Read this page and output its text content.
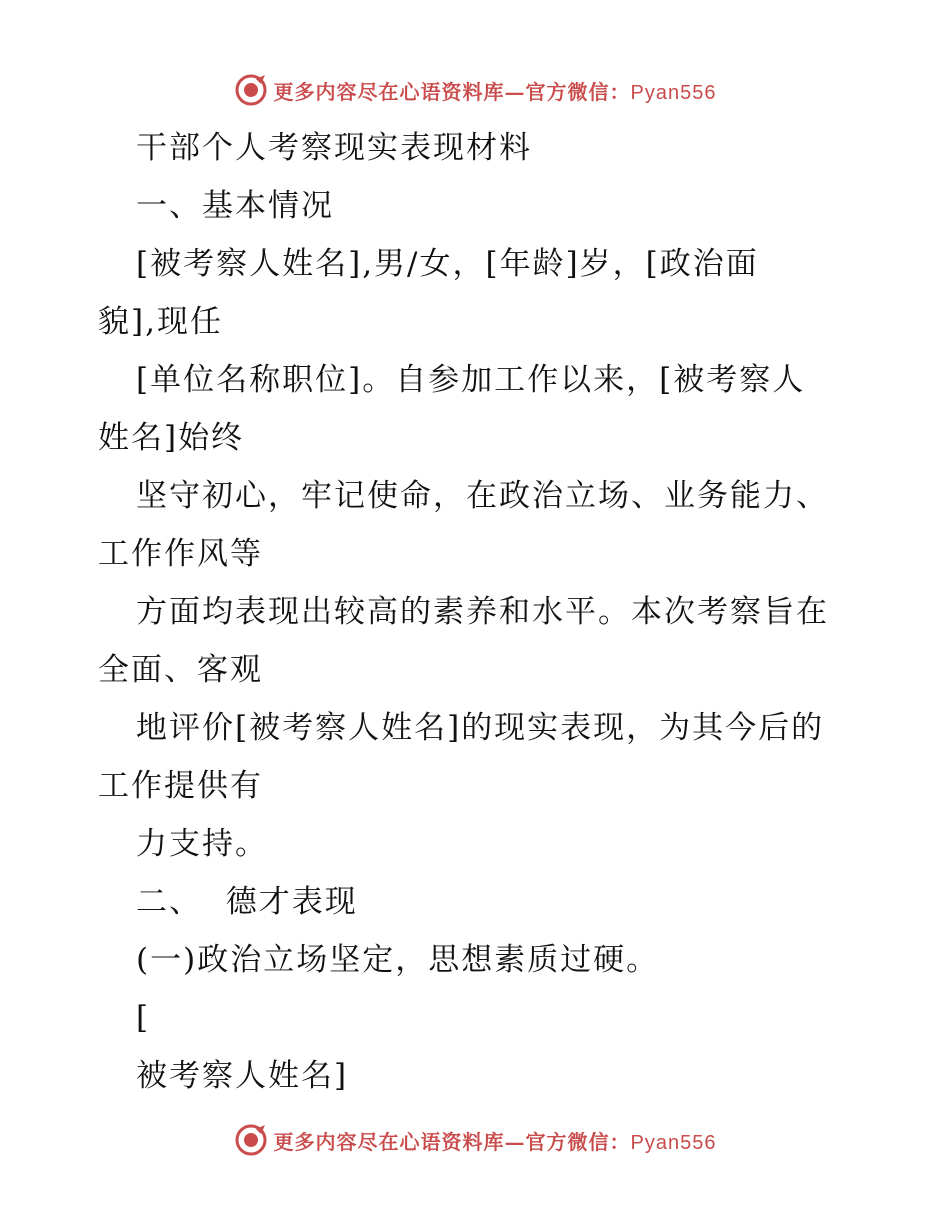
更多内容尽在心语资料库—官方微信：Pyan556
干部个人考察现实表现材料
一、基本情况
[被考察人姓名],男/女，[年龄]岁，[政治面
貌],现任
[单位名称职位]。自参加工作以来，[被考察人
姓名]始终
坚守初心，牢记使命，在政治立场、业务能力、
工作作风等
方面均表现出较高的素养和水平。本次考察旨在
全面、客观
地评价[被考察人姓名]的现实表现，为其今后的
工作提供有
力支持。
二、  德才表现
(一)政治立场坚定，思想素质过硬。
[
被考察人姓名]
更多内容尽在心语资料库—官方微信：Pyan556
